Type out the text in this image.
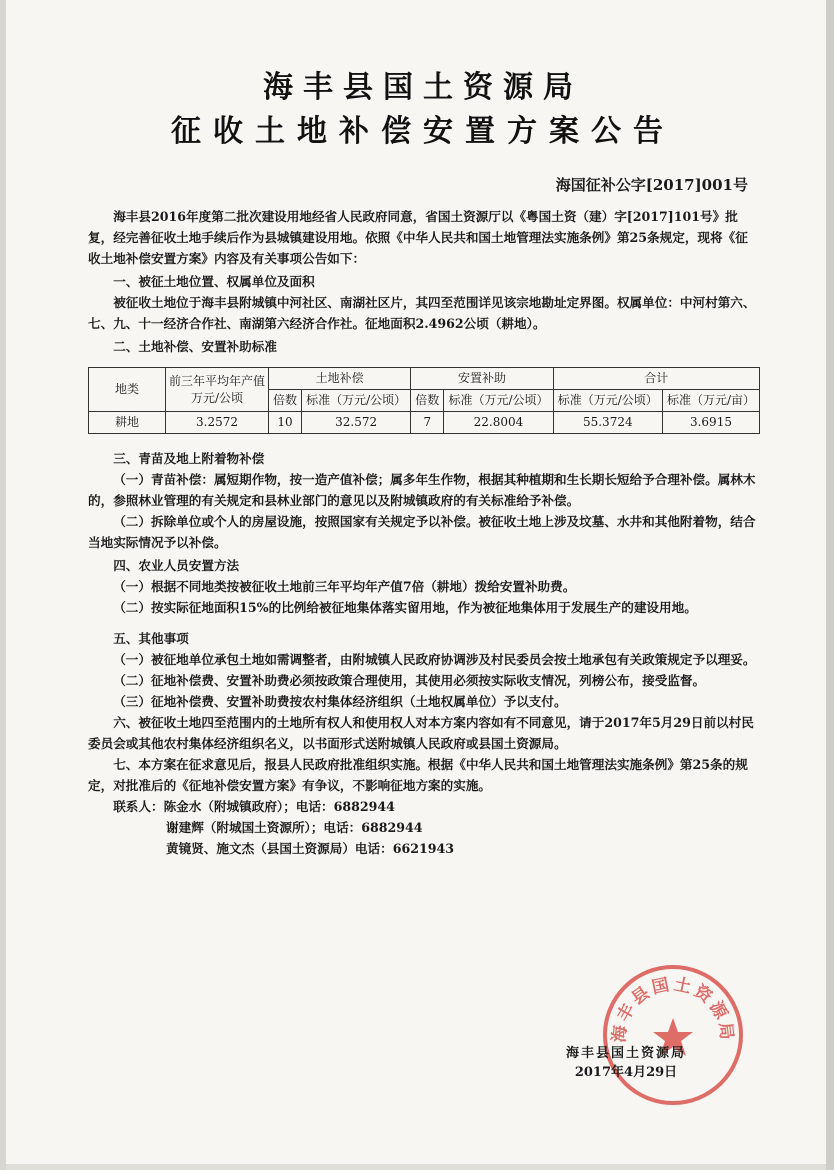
海丰县国土资源局
征收土地补偿安置方案公告
海国征补公字[2017]001号

海丰县2016年度第二批次建设用地经省人民政府同意，省国土资源厅以《粤国土资（建）字[2017]101号》批复，经完善征收土地手续后作为县城镇建设用地。依照《中华人民共和国土地管理法实施条例》第25条规定，现将《征收土地补偿安置方案》内容及有关事项公告如下：

一、被征土地位置、权属单位及面积

被征收土地位于海丰县附城镇中河社区、南湖社区片，其四至范围详见该宗地勘址定界图。权属单位：中河村第六、七、九、十一经济合作社、南湖第六经济合作社。征地面积2.4962公顷（耕地）。

二、土地补偿、安置补助标准

地类	前三年平均年产值万元/公顷	土地补偿		安置补助		合计	
		倍数	标准（万元/公顷）	倍数	标准（万元/公顷）	标准（万元/公顷）	标准（万元/亩）
耕地	3.2572	10	32.572	7	22.8004	55.3724	3.6915

三、青苗及地上附着物补偿

（一）青苗补偿：属短期作物，按一造产值补偿；属多年生作物，根据其种植期和生长期长短给予合理补偿。属林木的，参照林业管理的有关规定和县林业部门的意见以及附城镇政府的有关标准给予补偿。

（二）拆除单位或个人的房屋设施，按照国家有关规定予以补偿。被征收土地上涉及坟墓、水井和其他附着物，结合当地实际情况予以补偿。

四、农业人员安置方法

（一）根据不同地类按被征收土地前三年平均年产值7倍（耕地）拨给安置补助费。

（二）按实际征地面积15%的比例给被征地集体落实留用地，作为被征地集体用于发展生产的建设用地。

五、其他事项

（一）被征地单位承包土地如需调整者，由附城镇人民政府协调涉及村民委员会按土地承包有关政策规定予以理妥。

（二）征地补偿费、安置补助费必须按政策合理使用，其使用必须按实际收支情况，列榜公布，接受监督。

（三）征地补偿费、安置补助费按农村集体经济组织（土地权属单位）予以支付。

六、被征收土地四至范围内的土地所有权人和使用权人对本方案内容如有不同意见，请于2017年5月29日前以村民委员会或其他农村集体经济组织名义，以书面形式送附城镇人民政府或县国土资源局。

七、本方案在征求意见后，报县人民政府批准组织实施。根据《中华人民共和国土地管理法实施条例》第25条的规定，对批准后的《征地补偿安置方案》有争议，不影响征地方案的实施。

联系人：陈金水（附城镇政府）；电话：6882944

谢建辉（附城国土资源所）；电话：6882944

黄镜贤、施文杰（县国土资源局）电话：6621943

海丰县国土资源局
海丰县国土资源局
2017年4月29日
